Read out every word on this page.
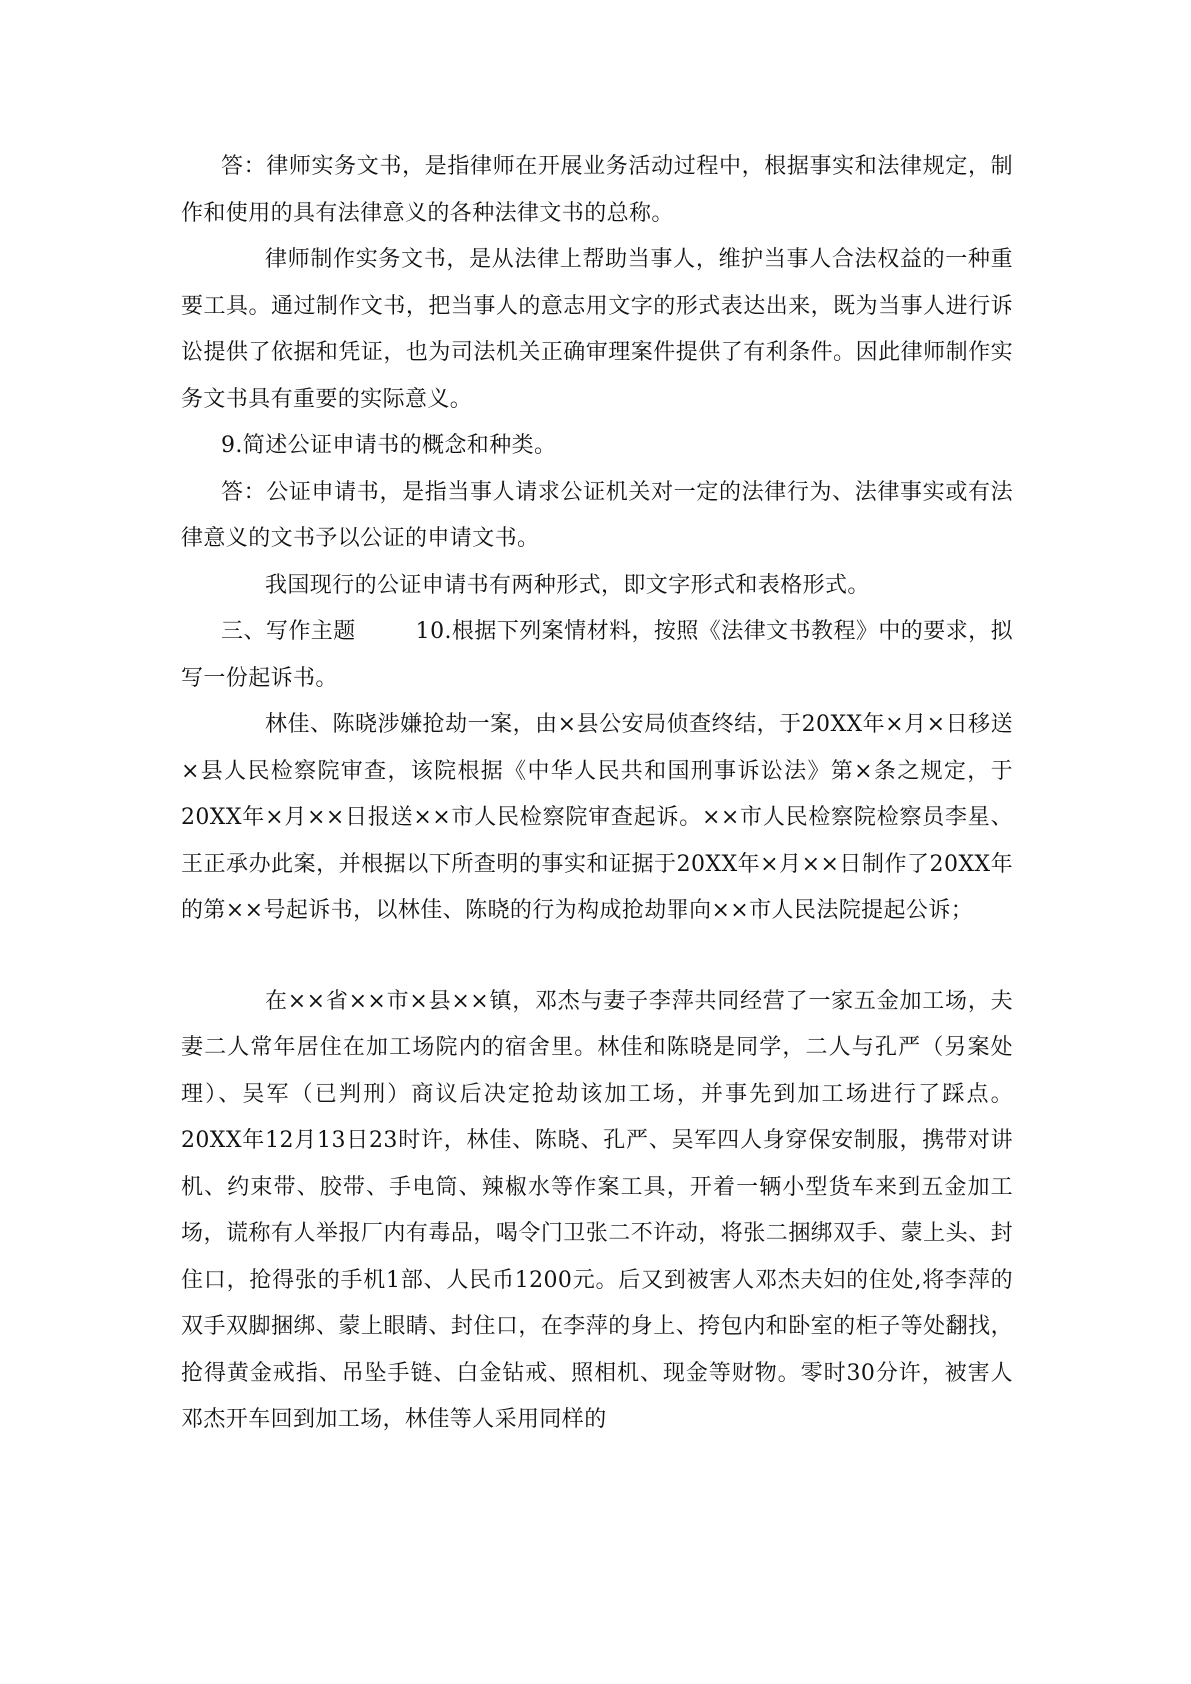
答：律师实务文书，是指律师在开展业务活动过程中，根据事实和法律规定，制作和使用的具有法律意义的各种法律文书的总称。

律师制作实务文书，是从法律上帮助当事人，维护当事人合法权益的一种重要工具。通过制作文书，把当事人的意志用文字的形式表达出来，既为当事人进行诉讼提供了依据和凭证，也为司法机关正确审理案件提供了有利条件。因此律师制作实务文书具有重要的实际意义。

9.简述公证申请书的概念和种类。

答：公证申请书，是指当事人请求公证机关对一定的法律行为、法律事实或有法律意义的文书予以公证的申请文书。

我国现行的公证申请书有两种形式，即文字形式和表格形式。

三、写作主题	10.根据下列案情材料，按照《法律文书教程》中的要求，拟写一份起诉书。

林佳、陈晓涉嫌抢劫一案，由×县公安局侦查终结，于20XX年×月×日移送×县人民检察院审查，该院根据《中华人民共和国刑事诉讼法》第×条之规定，于20XX年×月××日报送××市人民检察院审查起诉。××市人民检察院检察员李星、王正承办此案，并根据以下所查明的事实和证据于20XX年×月××日制作了20XX年的第××号起诉书，以林佳、陈晓的行为构成抢劫罪向××市人民法院提起公诉；

在××省××市×县××镇，邓杰与妻子李萍共同经营了一家五金加工场，夫妻二人常年居住在加工场院内的宿舍里。林佳和陈晓是同学，二人与孔严（另案处理）、吴军（已判刑）商议后决定抢劫该加工场，并事先到加工场进行了踩点。20XX年12月13日23时许，林佳、陈晓、孔严、吴军四人身穿保安制服，携带对讲机、约束带、胶带、手电筒、辣椒水等作案工具，开着一辆小型货车来到五金加工场，谎称有人举报厂内有毒品，喝令门卫张二不许动，将张二捆绑双手、蒙上头、封住口，抢得张的手机1部、人民币1200元。后又到被害人邓杰夫妇的住处,将李萍的双手双脚捆绑、蒙上眼睛、封住口，在李萍的身上、挎包内和卧室的柜子等处翻找，抢得黄金戒指、吊坠手链、白金钻戒、照相机、现金等财物。零时30分许，被害人邓杰开车回到加工场，林佳等人采用同样的
